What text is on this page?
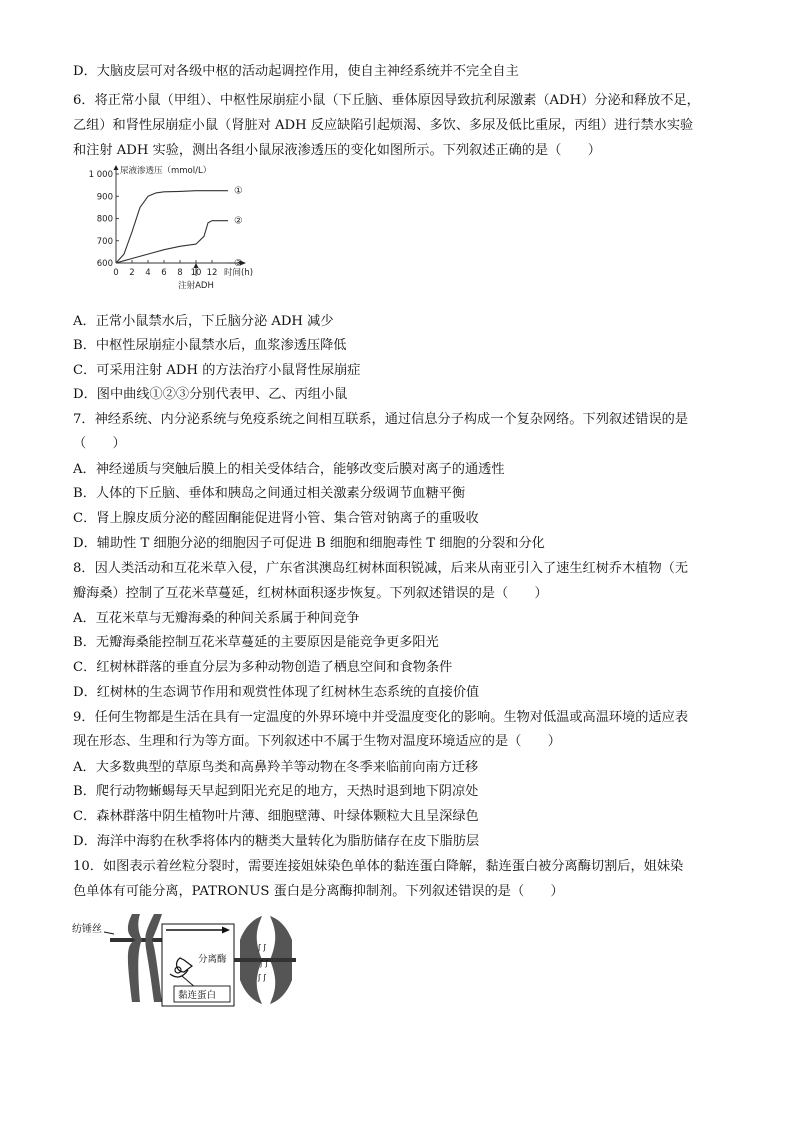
D．大脑皮层可对各级中枢的活动起调控作用，使自主神经系统并不完全自主
6．将正常小鼠（甲组）、中枢性尿崩症小鼠（下丘脑、垂体原因导致抗利尿激素（ADH）分泌和释放不足，
乙组）和肾性尿崩症小鼠（肾脏对 ADH 反应缺陷引起烦渴、多饮、多尿及低比重尿，丙组）进行禁水实验
和注射 ADH 实验，测出各组小鼠尿液渗透压的变化如图所示。下列叙述正确的是（　　）
A．正常小鼠禁水后，下丘脑分泌 ADH 减少
B．中枢性尿崩症小鼠禁水后，血浆渗透压降低
C．可采用注射 ADH 的方法治疗小鼠肾性尿崩症
D．图中曲线①②③分别代表甲、乙、丙组小鼠
7．神经系统、内分泌系统与免疫系统之间相互联系，通过信息分子构成一个复杂网络。下列叙述错误的是
（　　）
A．神经递质与突触后膜上的相关受体结合，能够改变后膜对离子的通透性
B．人体的下丘脑、垂体和胰岛之间通过相关激素分级调节血糖平衡
C．肾上腺皮质分泌的醛固酮能促进肾小管、集合管对钠离子的重吸收
D．辅助性 T 细胞分泌的细胞因子可促进 B 细胞和细胞毒性 T 细胞的分裂和分化
8．因人类活动和互花米草入侵，广东省淇澳岛红树林面积锐减，后来从南亚引入了速生红树乔木植物（无
瓣海桑）控制了互花米草蔓延，红树林面积逐步恢复。下列叙述错误的是（　　）
A．互花米草与无瓣海桑的种间关系属于种间竞争
B．无瓣海桑能控制互花米草蔓延的主要原因是能竞争更多阳光
C．红树林群落的垂直分层为多种动物创造了栖息空间和食物条件
D．红树林的生态调节作用和观赏性体现了红树林生态系统的直接价值
9．任何生物都是生活在具有一定温度的外界环境中并受温度变化的影响。生物对低温或高温环境的适应表
现在形态、生理和行为等方面。下列叙述中不属于生物对温度环境适应的是（　　）
A．大多数典型的草原鸟类和高鼻羚羊等动物在冬季来临前向南方迁移
B．爬行动物蜥蜴每天早起到阳光充足的地方，天热时退到地下阴凉处
C．森林群落中阴生植物叶片薄、细胞壁薄、叶绿体颗粒大且呈深绿色
D．海洋中海豹在秋季将体内的糖类大量转化为脂肪储存在皮下脂肪层
10．如图表示着丝粒分裂时，需要连接姐妹染色单体的黏连蛋白降解，黏连蛋白被分离酶切割后，姐妹染
色单体有可能分离，PATRONUS 蛋白是分离酶抑制剂。下列叙述错误的是（　　）
尿液渗透压（mmol/L）
1 000
900
800
700
600
0 2 4 6 8 10 12 时间(h)
①
②
③
注射ADH
纺锤丝
分离酶
黏连蛋白
ʃ ʃ
ʃ ʃ
ʃ ʃ
